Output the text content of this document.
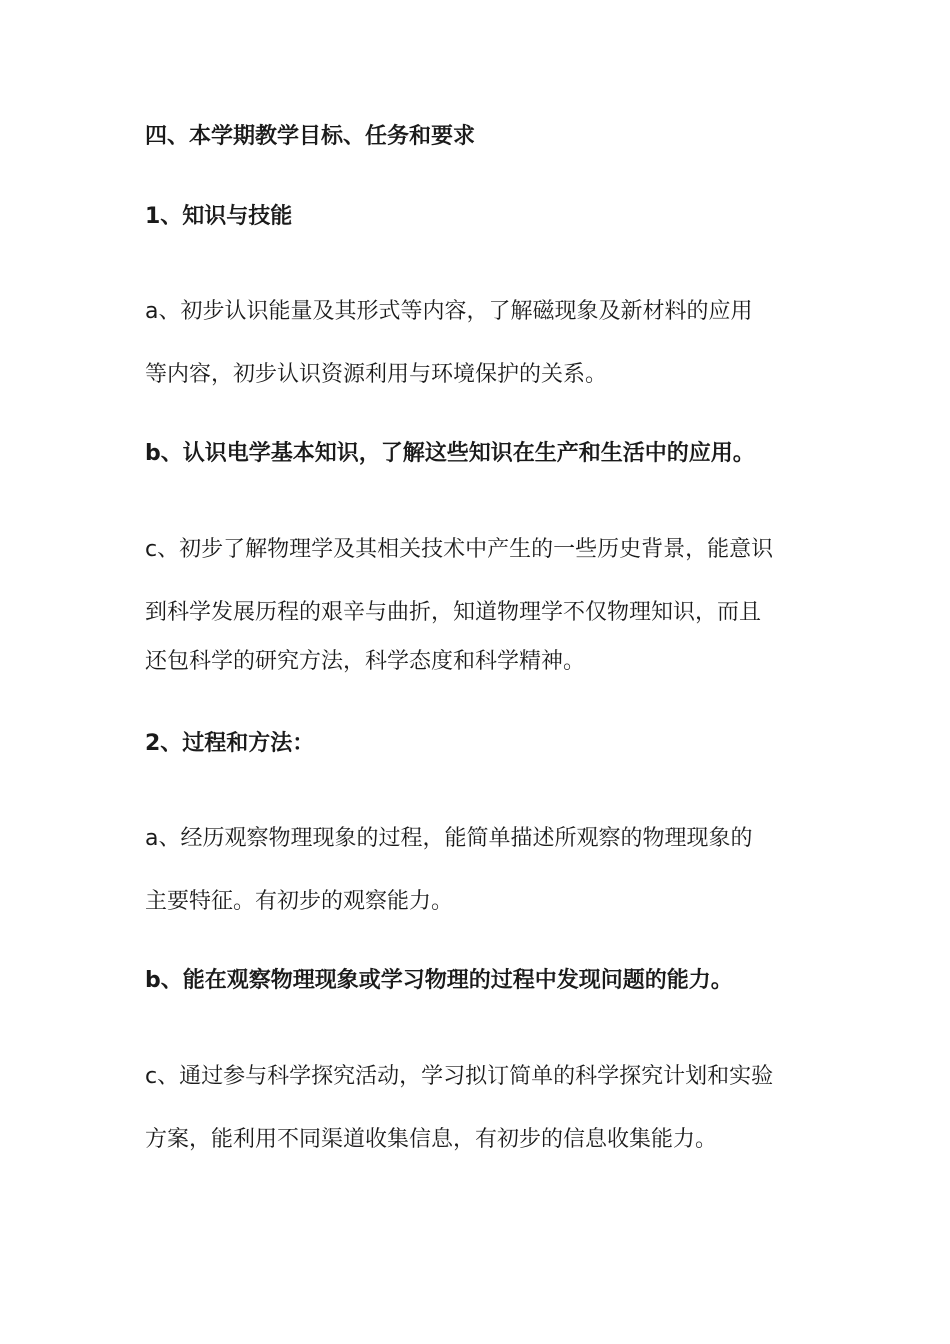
四、本学期教学目标、任务和要求

1、知识与技能

a、初步认识能量及其形式等内容，了解磁现象及新材料的应用

等内容，初步认识资源利用与环境保护的关系。

b、认识电学基本知识，了解这些知识在生产和生活中的应用。

c、初步了解物理学及其相关技术中产生的一些历史背景，能意识

到科学发展历程的艰辛与曲折，知道物理学不仅物理知识，而且

还包科学的研究方法，科学态度和科学精神。

2、过程和方法：

a、经历观察物理现象的过程，能简单描述所观察的物理现象的

主要特征。有初步的观察能力。

b、能在观察物理现象或学习物理的过程中发现问题的能力。

c、通过参与科学探究活动，学习拟订简单的科学探究计划和实验

方案，能利用不同渠道收集信息，有初步的信息收集能力。
